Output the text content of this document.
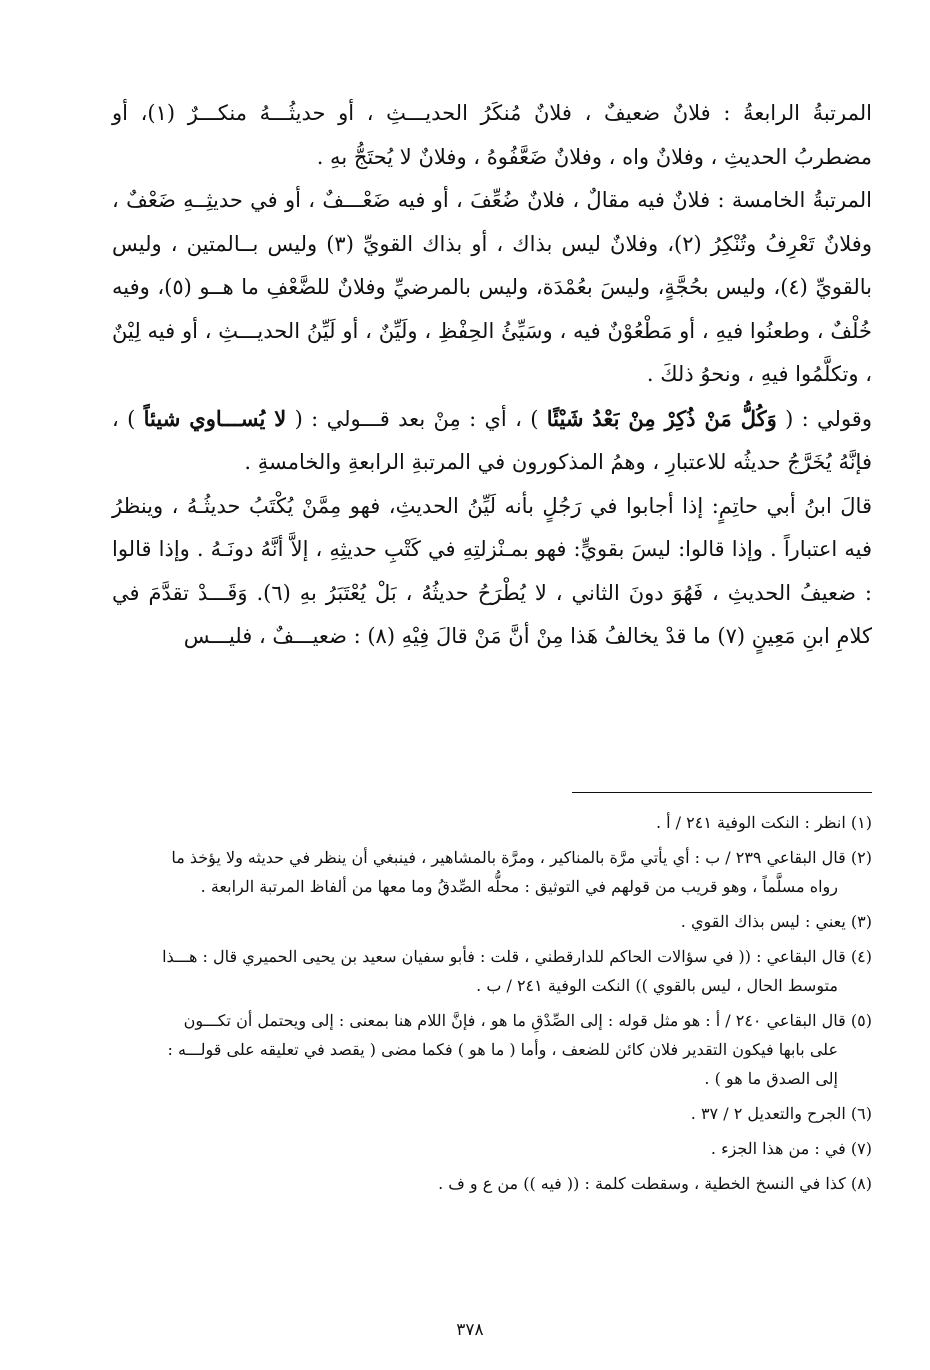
المرتبةُ الرابعةُ : فلانٌ ضعيفٌ ، فلانٌ مُنكَرُ الحديـــثِ ، أو حديثُـــهُ منكـــرٌ (١)، أو مضطربُ الحديثِ ، وفلانٌ واه ، وفلانٌ ضَعَّفُوهُ ، وفلانٌ لا يُحتَجُّ بهِ .

المرتبةُ الخامسة : فلانٌ فيه مقالٌ ، فلانٌ ضُعِّفَ ، أو فيه ضَعْـــفٌ ، أو في حديثِــهِ ضَعْفٌ ، وفلانٌ تَعْرِفُ وتُنْكِرُ (٢)، وفلانٌ ليس بذاك ، أو بذاك القويِّ (٣) وليس بــالمتين ، وليس بالقويِّ (٤)، وليس بحُجَّةٍ، وليسَ بعُمْدَة، وليس بالمرضيِّ وفلانٌ للضَّعْفِ ما هــو (٥)، وفيه خُلْفٌ ، وطعنُوا فيهِ ، أو مَطْعُوْنٌ فيه ، وسَيِّئُ الحِفْظِ ، ولَيِّنٌ ، أو لَيِّنُ الحديـــثِ ، أو فيه لِيْنٌ ، وتكلَّمُوا فيهِ ، ونحوُ ذلكَ .

وقولي : ( وَكُلُّ مَنْ ذُكِرْ مِنْ بَعْدُ شَيْئًا ) ، أي : مِنْ بعد قـــولي : ( لا يُســـاوي شيئاً ) ، فإنَّهُ يُخَرَّجُ حديثُه للاعتبارِ ، وهمُ المذكورون في المرتبةِ الرابعةِ والخامسةِ .

قالَ ابنُ أبي حاتِمٍ: إذا أجابوا في رَجُلٍ بأنه لَيِّنُ الحديثِ، فهو مِمَّنْ يُكْتَبُ حديثُـهُ ، وينظرُ فيه اعتباراً . وإذا قالوا: ليسَ بقويٍّ: فهو بمـنْزلتِهِ في كَتْبِ حديثِهِ ، إلاَّ أنَّهُ دونَـهُ . وإذا قالوا : ضعيفُ الحديثِ ، فَهُوَ دونَ الثاني ، لا يُطْرَحُ حديثُهُ ، بَلْ يُعْتَبَرُ بهِ (٦). وَقَـــدْ تقدَّمَ في كلامِ ابنِ مَعِينٍ (٧) ما قدْ يخالفُ هَذا مِنْ أنَّ مَنْ قالَ فِيْهِ (٨) : ضعيـــفٌ ، فليـــس

(١) انظر : النكت الوفية ٢٤١ / أ .

(٢) قال البقاعي ٢٣٩ / ب : أي يأتي مرَّة بالمناكير ، ومرَّة بالمشاهير ، فينبغي أن ينظر في حديثه ولا يؤخذ ما
رواه مسلَّماً ، وهو قريب من قولهم في التوثيق : محلُّه الصِّدقُ وما معها من ألفاظ المرتبة الرابعة .

(٣) يعني : ليس بذاك القوي .

(٤) قال البقاعي : (( في سؤالات الحاكم للدارقطني ، قلت : فأبو سفيان سعيد بن يحيى الحميري قال : هـــذا
متوسط الحال ، ليس بالقوي )) النكت الوفية ٢٤١ / ب .

(٥) قال البقاعي ٢٤٠ / أ : هو مثل قوله : إلى الصِّدْقِ ما هو ، فإنَّ اللام هنا بمعنى : إلى ويحتمل أن تكـــون
على بابها فيكون التقدير فلان كائن للضعف ، وأما ( ما هو ) فكما مضى ( يقصد في تعليقه على قولـــه :
إلى الصدق ما هو ) .

(٦) الجرح والتعديل ٢ / ٣٧ .

(٧) في : من هذا الجزء .

(٨) كذا في النسخ الخطية ، وسقطت كلمة : (( فيه )) من ع و ف .

٣٧٨
